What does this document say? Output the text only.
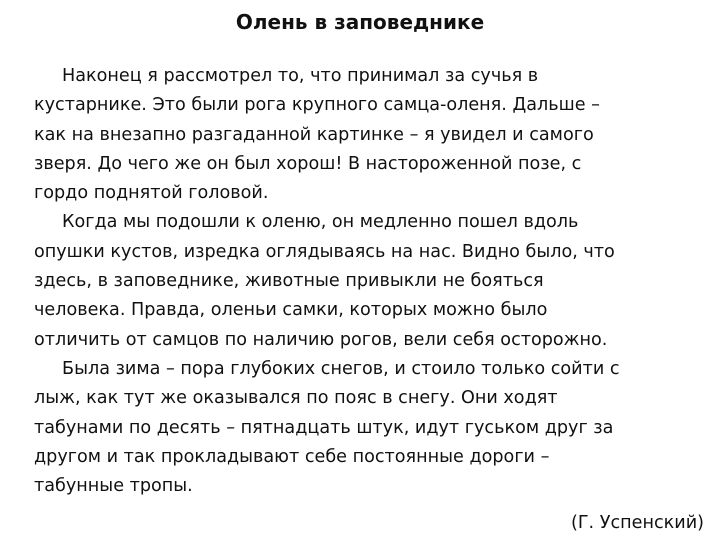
Олень в заповеднике

Наконец я рассмотрел то, что принимал за сучья в

кустарнике. Это были рога крупного самца-оленя. Дальше –

как на внезапно разгаданной картинке – я увидел и самого

зверя. До чего же он был хорош! В настороженной позе, с

гордо поднятой головой.

Когда мы подошли к оленю, он медленно пошел вдоль

опушки кустов, изредка оглядываясь на нас. Видно было, что

здесь, в заповеднике, животные привыкли не бояться

человека. Правда, оленьи самки, которых можно было

отличить от самцов по наличию рогов, вели себя осторожно.

Была зима – пора глубоких снегов, и стоило только сойти с

лыж, как тут же оказывался по пояс в снегу. Они ходят

табунами по десять – пятнадцать штук, идут гуськом друг за

другом и так прокладывают себе постоянные дороги –

табунные тропы.

(Г. Успенский)
